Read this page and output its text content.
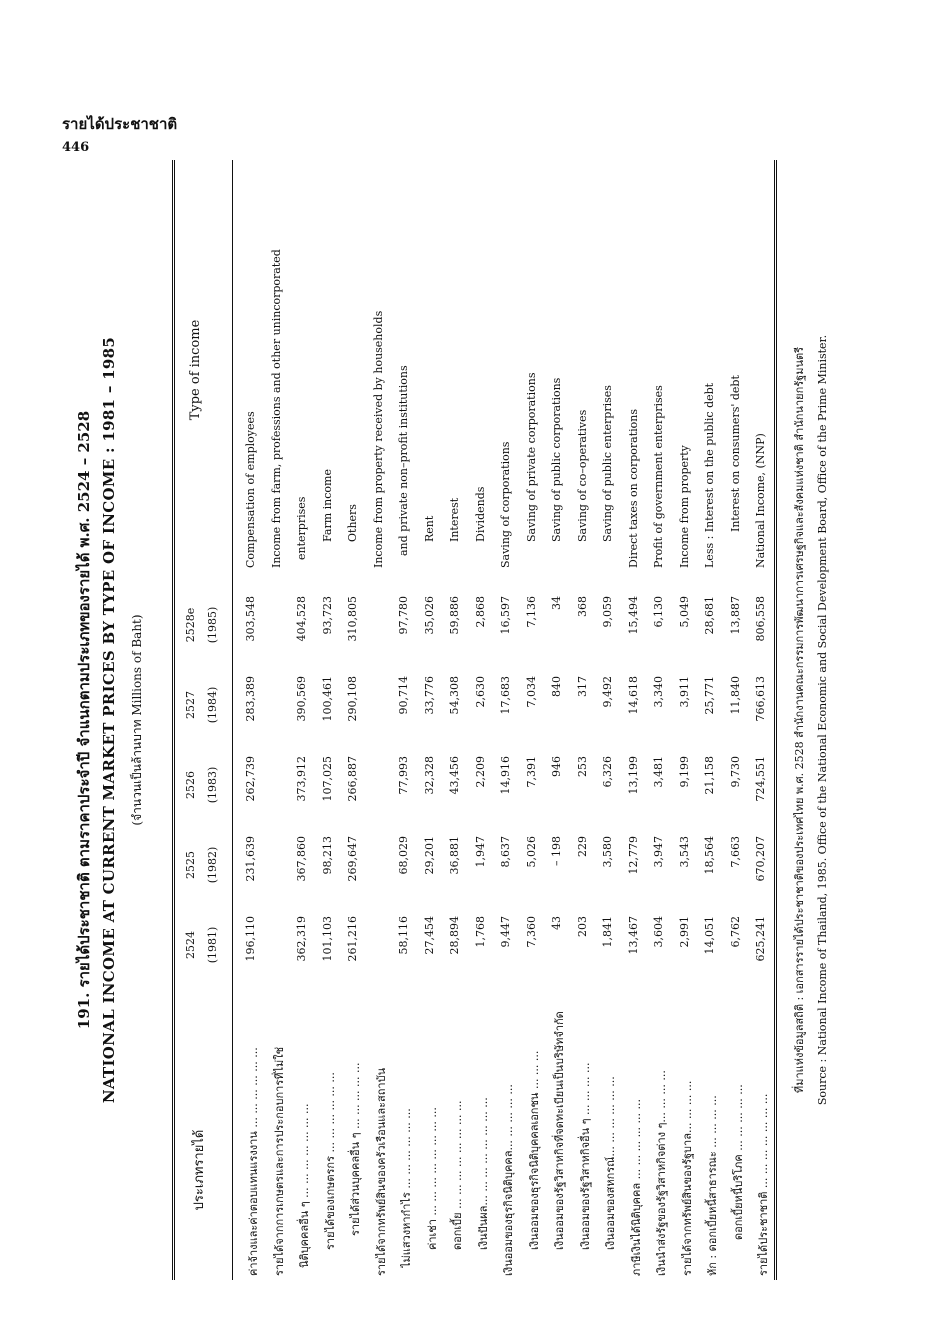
รายได้ประชาชาติ
446
191. รายได้ประชาชาติ ตามราคาประจำปี จำแนกตามประเภทของรายได้ พ.ศ. 2524 – 2528 NATIONAL INCOME AT CURRENT MARKET PRICES BY TYPE OF INCOME : 1981 – 1985 (จำนวนเป็นล้านบาท Millions of Baht)
ประเภทรายได้
Type of income
2524 (1981)
2525 (1982)
2526 (1983)
2527 (1984)
2528e (1985)
ค่าจ้างและค่าตอบแทนแรงงาน ... ... ... ... ... ...
196,110
231,639
262,739
283,389
303,548
Compensation of employees
รายได้จากการเกษตรและการประกอบการที่ไม่ใช่
Income from farm, professions and other unincorporated
นิติบุคคลอื่น ๆ ... ... ... ... ... ... ...
362,319
367,860
373,912
390,569
404,528
enterprises
รายได้ของเกษตรกร ... ... ... ... ... ...
101,103
98,213
107,025
100,461
93,723
Farm income
รายได้ส่วนบุคคลอื่น ๆ ... ... ... ... ...
261,216
269,647
266,887
290,108
310,805
Others
รายได้จากทรัพย์สินของครัวเรือนและสถาบัน
Income from property received by households
ไม่แสวงหากำไร ... ... ... ... ... ...
58,116
68,029
77,993
90,714
97,780
and private non–profit institutions
ค่าเช่า ... ... ... ... ... ... ... ...
27,454
29,201
32,328
33,776
35,026
Rent
ดอกเบี้ย ... ... ... ... ... ... ... ...
28,894
36,881
43,456
54,308
59,886
Interest
เงินปันผล... ... ... ... ... ... ... ...
1,768
1,947
2,209
2,630
2,868
Dividends
เงินออมของธุรกิจนิติบุคคล... ... ... ... ...
9,447
8,637
14,916
17,683
16,597
Saving of corporations
เงินออมของธุรกิจนิติบุคคลเอกชน ... ... ...
7,360
5,026
7,391
7,034
7,136
Saving of private corporations
เงินออมของรัฐวิสาหกิจที่จดทะเบียนเป็นบริษัทจำกัด
43
– 198
946
840
34
Saving of public corporations
เงินออมของรัฐวิสาหกิจอื่น ๆ ... ... ... ...
203
229
253
317
368
Saving of co–operatives
เงินออมของสหกรณ์... ... ... ... ... ...
1,841
3,580
6,326
9,492
9,059
Saving of public enterprises
ภาษีเงินได้นิติบุคคล ... ... ... ... ... ...
13,467
12,779
13,199
14,618
15,494
Direct taxes on corporations
เงินนำส่งรัฐของรัฐวิสาหกิจต่าง ๆ... ... ... ...
3,604
3,947
3,481
3,340
6,130
Profit of government enterprises
รายได้จากทรัพย์สินของรัฐบาล... ... ... ...
2,991
3,543
9,199
3,911
5,049
Income from property
หัก : ดอกเบี้ยหนี้สาธารณะ ... ... ... ...
14,051
18,564
21,158
25,771
28,681
Less : Interest on the public debt
ดอกเบี้ยหนี้บริโภค ... ... ... ... ...
6,762
7,663
9,730
11,840
13,887
Interest on consumers' debt
รายได้ประชาชาติ ... ... ... ... ... ... ...
625,241
670,207
724,551
766,613
806,558
National Income, (NNP) ที่มาแห่งข้อมูลสถิติ : เอกสารรายได้ประชาชาติของประเทศไทย พ.ศ. 2528 สำนักงานคณะกรรมการพัฒนาการเศรษฐกิจและสังคมแห่งชาติ สำนักนายกรัฐมนตรี Source : National Income of Thailand, 1985. Office of the National Economic and Social Development Board, Office of the Prime Minister.
